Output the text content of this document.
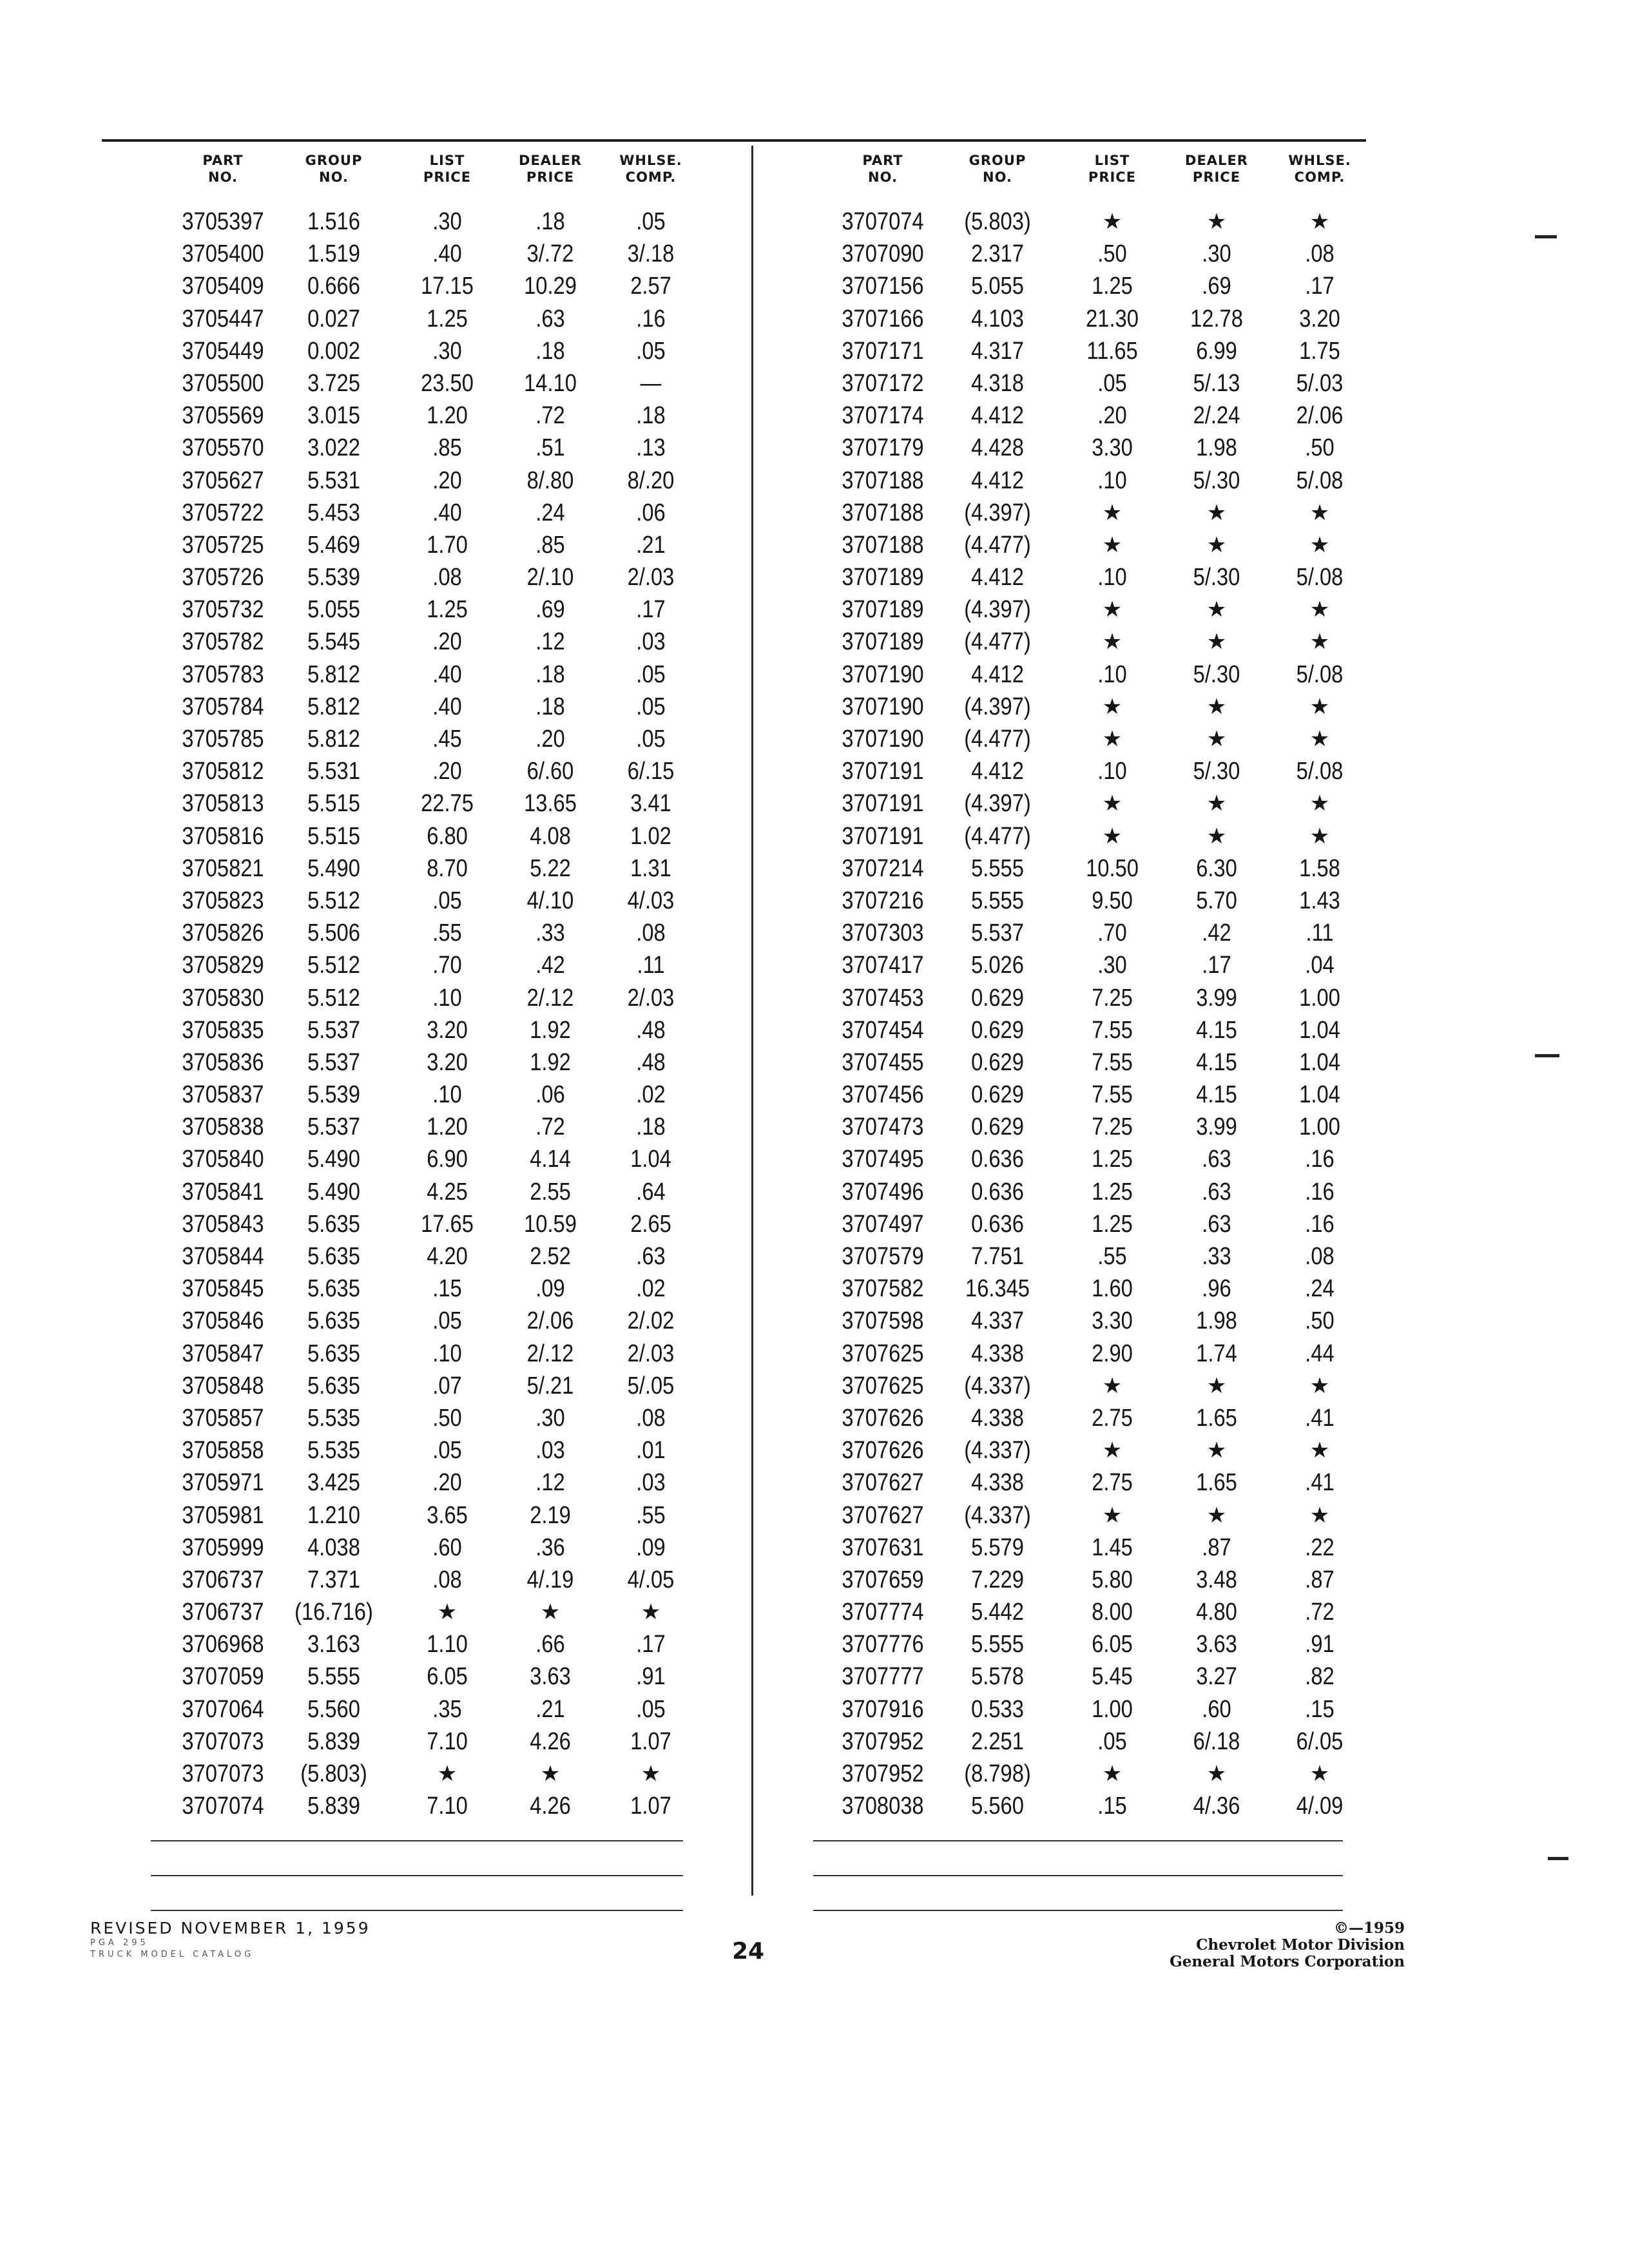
PART
NO.
GROUP
NO.
LIST
PRICE
DEALER
PRICE
WHLSE.
COMP.
3705397	1.516	.30	.18	.05
3705400	1.519	.40	3/.72	3/.18
3705409	0.666	17.15	10.29	2.57
3705447	0.027	1.25	.63	.16
3705449	0.002	.30	.18	.05
3705500	3.725	23.50	14.10	—
3705569	3.015	1.20	.72	.18
3705570	3.022	.85	.51	.13
3705627	5.531	.20	8/.80	8/.20
3705722	5.453	.40	.24	.06
3705725	5.469	1.70	.85	.21
3705726	5.539	.08	2/.10	2/.03
3705732	5.055	1.25	.69	.17
3705782	5.545	.20	.12	.03
3705783	5.812	.40	.18	.05
3705784	5.812	.40	.18	.05
3705785	5.812	.45	.20	.05
3705812	5.531	.20	6/.60	6/.15
3705813	5.515	22.75	13.65	3.41
3705816	5.515	6.80	4.08	1.02
3705821	5.490	8.70	5.22	1.31
3705823	5.512	.05	4/.10	4/.03
3705826	5.506	.55	.33	.08
3705829	5.512	.70	.42	.11
3705830	5.512	.10	2/.12	2/.03
3705835	5.537	3.20	1.92	.48
3705836	5.537	3.20	1.92	.48
3705837	5.539	.10	.06	.02
3705838	5.537	1.20	.72	.18
3705840	5.490	6.90	4.14	1.04
3705841	5.490	4.25	2.55	.64
3705843	5.635	17.65	10.59	2.65
3705844	5.635	4.20	2.52	.63
3705845	5.635	.15	.09	.02
3705846	5.635	.05	2/.06	2/.02
3705847	5.635	.10	2/.12	2/.03
3705848	5.635	.07	5/.21	5/.05
3705857	5.535	.50	.30	.08
3705858	5.535	.05	.03	.01
3705971	3.425	.20	.12	.03
3705981	1.210	3.65	2.19	.55
3705999	4.038	.60	.36	.09
3706737	7.371	.08	4/.19	4/.05
3706737	(16.716)	★	★	★
3706968	3.163	1.10	.66	.17
3707059	5.555	6.05	3.63	.91
3707064	5.560	.35	.21	.05
3707073	5.839	7.10	4.26	1.07
3707073	(5.803)	★	★	★
3707074	5.839	7.10	4.26	1.07
PART
NO.
GROUP
NO.
LIST
PRICE
DEALER
PRICE
WHLSE.
COMP.
3707074	(5.803)	★	★	★
3707090	2.317	.50	.30	.08
3707156	5.055	1.25	.69	.17
3707166	4.103	21.30	12.78	3.20
3707171	4.317	11.65	6.99	1.75
3707172	4.318	.05	5/.13	5/.03
3707174	4.412	.20	2/.24	2/.06
3707179	4.428	3.30	1.98	.50
3707188	4.412	.10	5/.30	5/.08
3707188	(4.397)	★	★	★
3707188	(4.477)	★	★	★
3707189	4.412	.10	5/.30	5/.08
3707189	(4.397)	★	★	★
3707189	(4.477)	★	★	★
3707190	4.412	.10	5/.30	5/.08
3707190	(4.397)	★	★	★
3707190	(4.477)	★	★	★
3707191	4.412	.10	5/.30	5/.08
3707191	(4.397)	★	★	★
3707191	(4.477)	★	★	★
3707214	5.555	10.50	6.30	1.58
3707216	5.555	9.50	5.70	1.43
3707303	5.537	.70	.42	.11
3707417	5.026	.30	.17	.04
3707453	0.629	7.25	3.99	1.00
3707454	0.629	7.55	4.15	1.04
3707455	0.629	7.55	4.15	1.04
3707456	0.629	7.55	4.15	1.04
3707473	0.629	7.25	3.99	1.00
3707495	0.636	1.25	.63	.16
3707496	0.636	1.25	.63	.16
3707497	0.636	1.25	.63	.16
3707579	7.751	.55	.33	.08
3707582	16.345	1.60	.96	.24
3707598	4.337	3.30	1.98	.50
3707625	4.338	2.90	1.74	.44
3707625	(4.337)	★	★	★
3707626	4.338	2.75	1.65	.41
3707626	(4.337)	★	★	★
3707627	4.338	2.75	1.65	.41
3707627	(4.337)	★	★	★
3707631	5.579	1.45	.87	.22
3707659	7.229	5.80	3.48	.87
3707774	5.442	8.00	4.80	.72
3707776	5.555	6.05	3.63	.91
3707777	5.578	5.45	3.27	.82
3707916	0.533	1.00	.60	.15
3707952	2.251	.05	6/.18	6/.05
3707952	(8.798)	★	★	★
3708038	5.560	.15	4/.36	4/.09
REVISED NOVEMBER 1, 1959
PGA 295
TRUCK MODEL CATALOG	24
©—1959
Chevrolet Motor Division
General Motors Corporation
